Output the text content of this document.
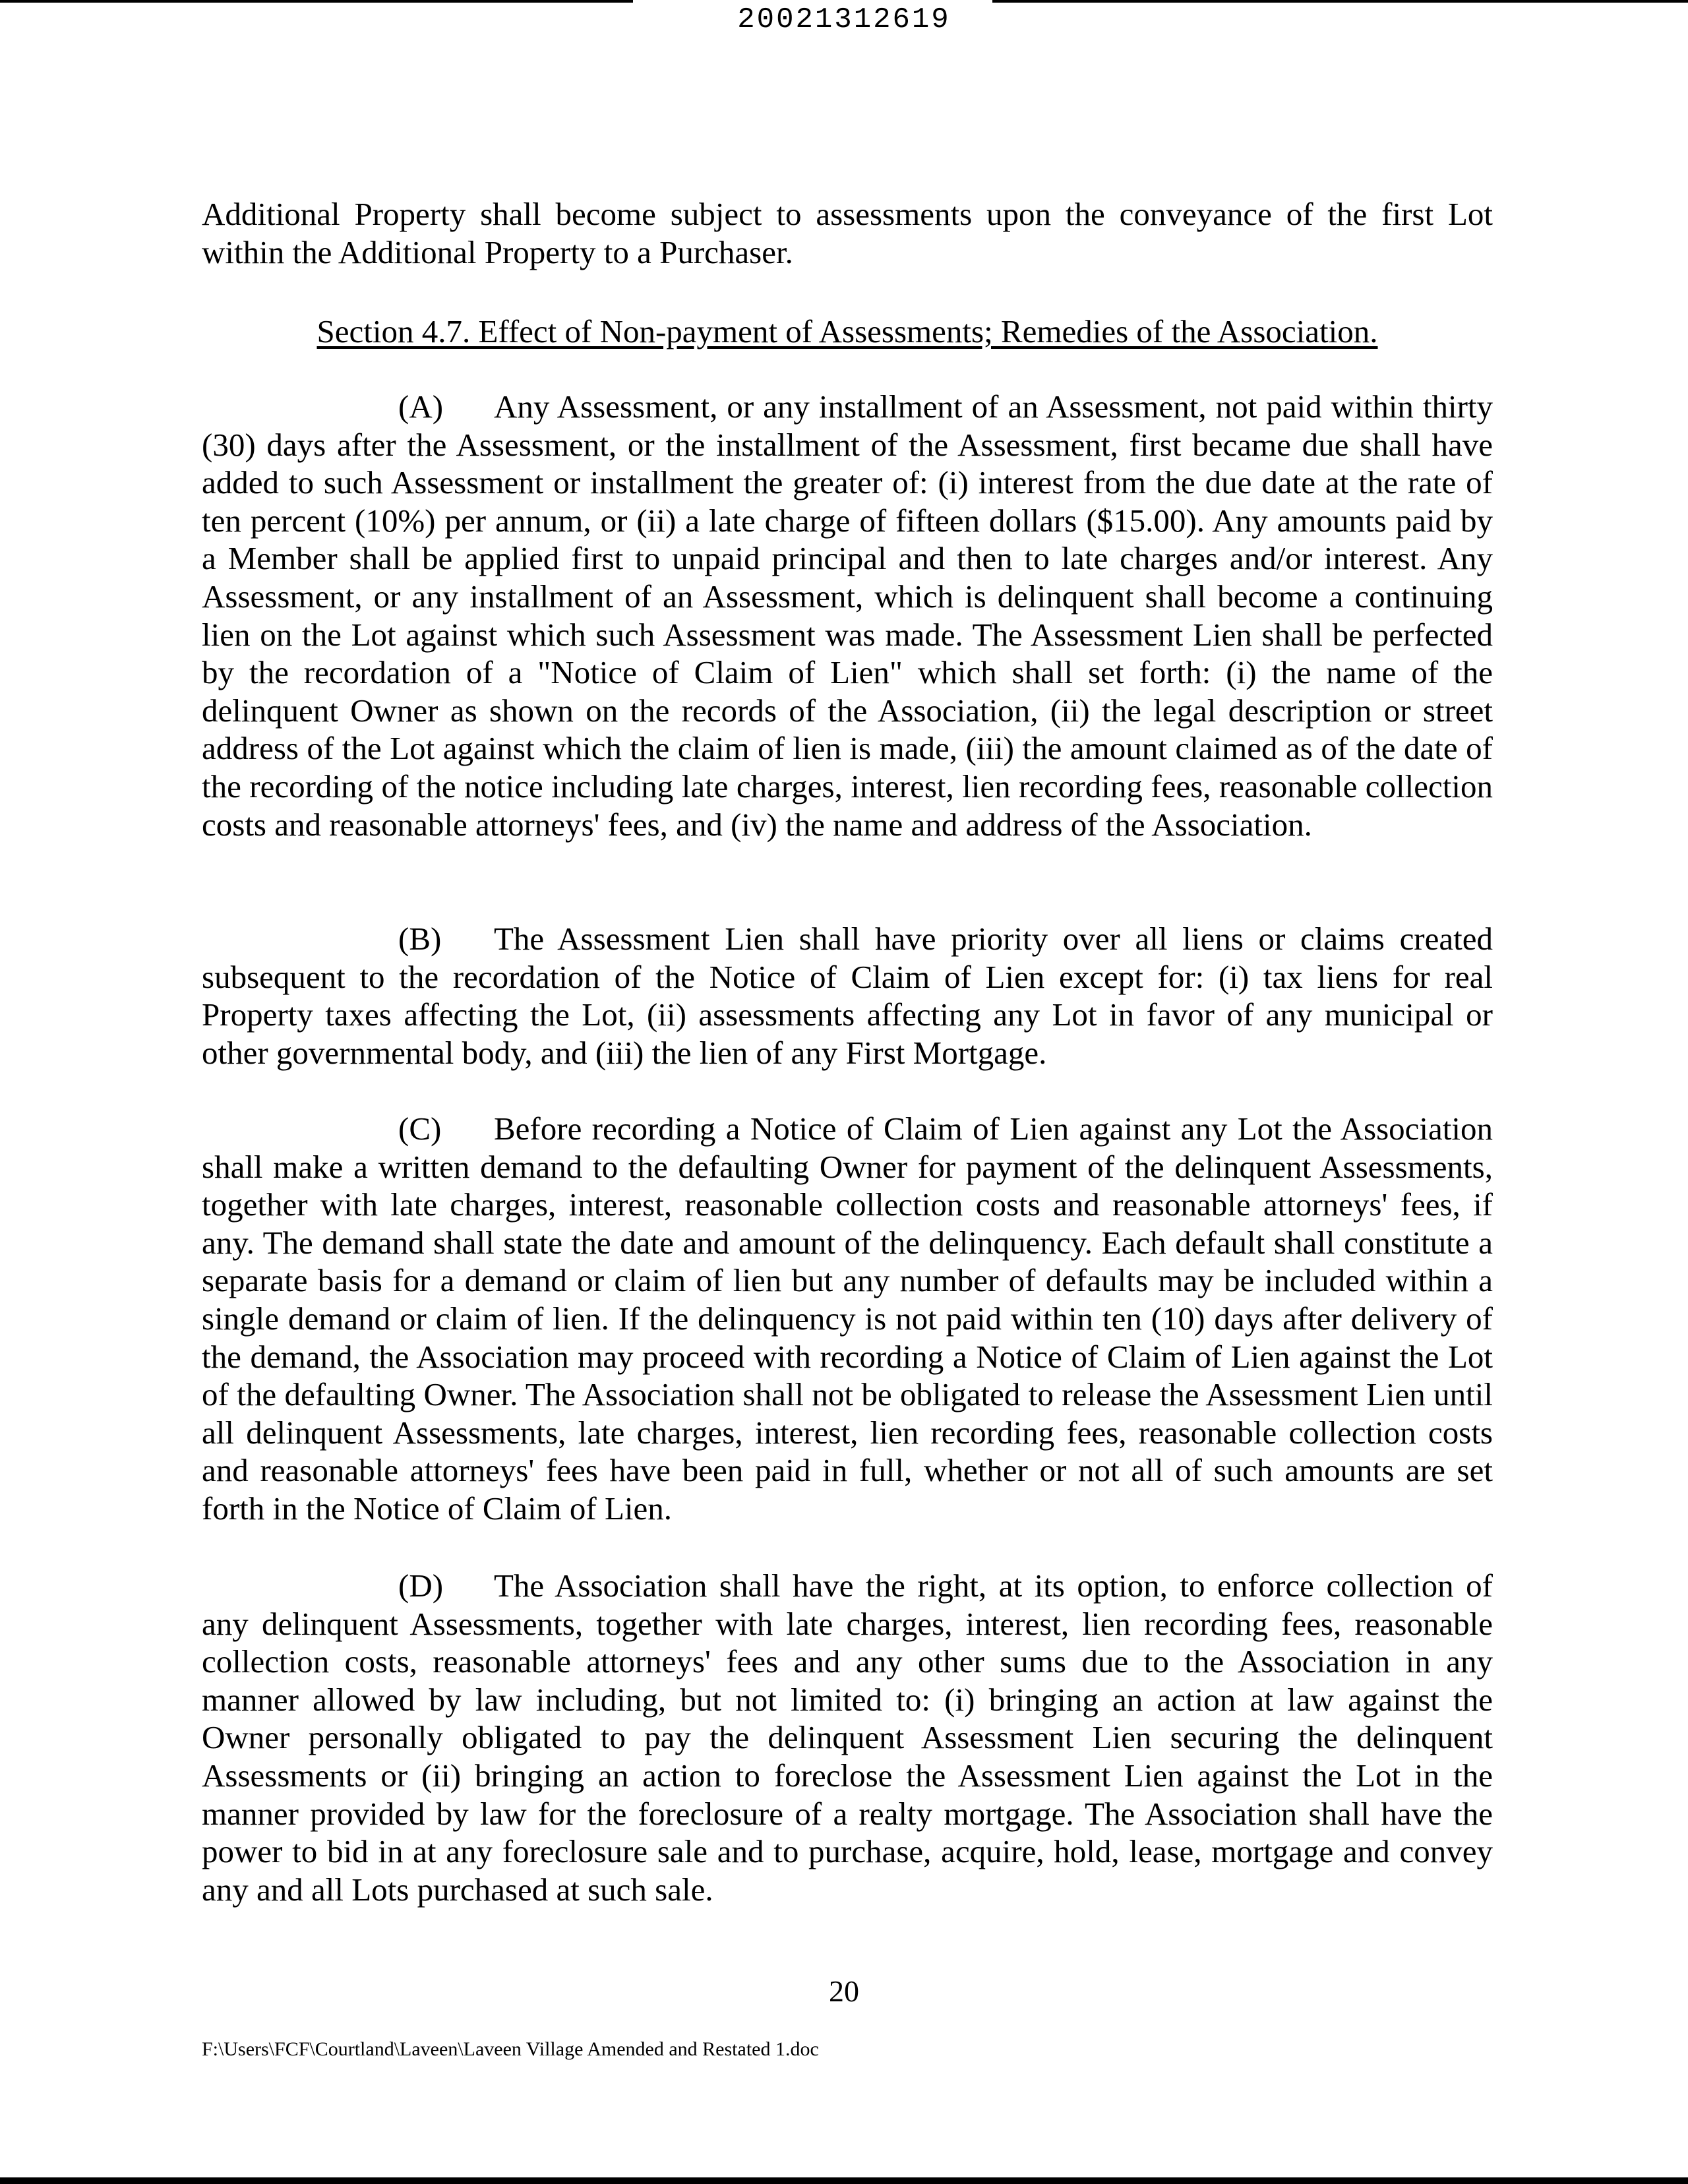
20021312619

Additional Property shall become subject to assessments upon the conveyance of the first Lot within the Additional Property to a Purchaser.

Section 4.7. Effect of Non-payment of Assessments; Remedies of the Association.

(A) Any Assessment, or any installment of an Assessment, not paid within thirty (30) days after the Assessment, or the installment of the Assessment, first became due shall have added to such Assessment or installment the greater of: (i) interest from the due date at the rate of ten percent (10%) per annum, or (ii) a late charge of fifteen dollars ($15.00). Any amounts paid by a Member shall be applied first to unpaid principal and then to late charges and/or interest. Any Assessment, or any installment of an Assessment, which is delinquent shall become a continuing lien on the Lot against which such Assessment was made. The Assessment Lien shall be perfected by the recordation of a "Notice of Claim of Lien" which shall set forth: (i) the name of the delinquent Owner as shown on the records of the Association, (ii) the legal description or street address of the Lot against which the claim of lien is made, (iii) the amount claimed as of the date of the recording of the notice including late charges, interest, lien recording fees, reasonable collection costs and reasonable attorneys' fees, and (iv) the name and address of the Association.

(B) The Assessment Lien shall have priority over all liens or claims created subsequent to the recordation of the Notice of Claim of Lien except for: (i) tax liens for real Property taxes affecting the Lot, (ii) assessments affecting any Lot in favor of any municipal or other governmental body, and (iii) the lien of any First Mortgage.

(C) Before recording a Notice of Claim of Lien against any Lot the Association shall make a written demand to the defaulting Owner for payment of the delinquent Assessments, together with late charges, interest, reasonable collection costs and reasonable attorneys' fees, if any. The demand shall state the date and amount of the delinquency. Each default shall constitute a separate basis for a demand or claim of lien but any number of defaults may be included within a single demand or claim of lien. If the delinquency is not paid within ten (10) days after delivery of the demand, the Association may proceed with recording a Notice of Claim of Lien against the Lot of the defaulting Owner. The Association shall not be obligated to release the Assessment Lien until all delinquent Assessments, late charges, interest, lien recording fees, reasonable collection costs and reasonable attorneys' fees have been paid in full, whether or not all of such amounts are set forth in the Notice of Claim of Lien.

(D) The Association shall have the right, at its option, to enforce collection of any delinquent Assessments, together with late charges, interest, lien recording fees, reasonable collection costs, reasonable attorneys' fees and any other sums due to the Association in any manner allowed by law including, but not limited to: (i) bringing an action at law against the Owner personally obligated to pay the delinquent Assessment Lien securing the delinquent Assessments or (ii) bringing an action to foreclose the Assessment Lien against the Lot in the manner provided by law for the foreclosure of a realty mortgage. The Association shall have the power to bid in at any foreclosure sale and to purchase, acquire, hold, lease, mortgage and convey any and all Lots purchased at such sale.

20
F:\Users\FCF\Courtland\Laveen\Laveen Village Amended and Restated 1.doc
